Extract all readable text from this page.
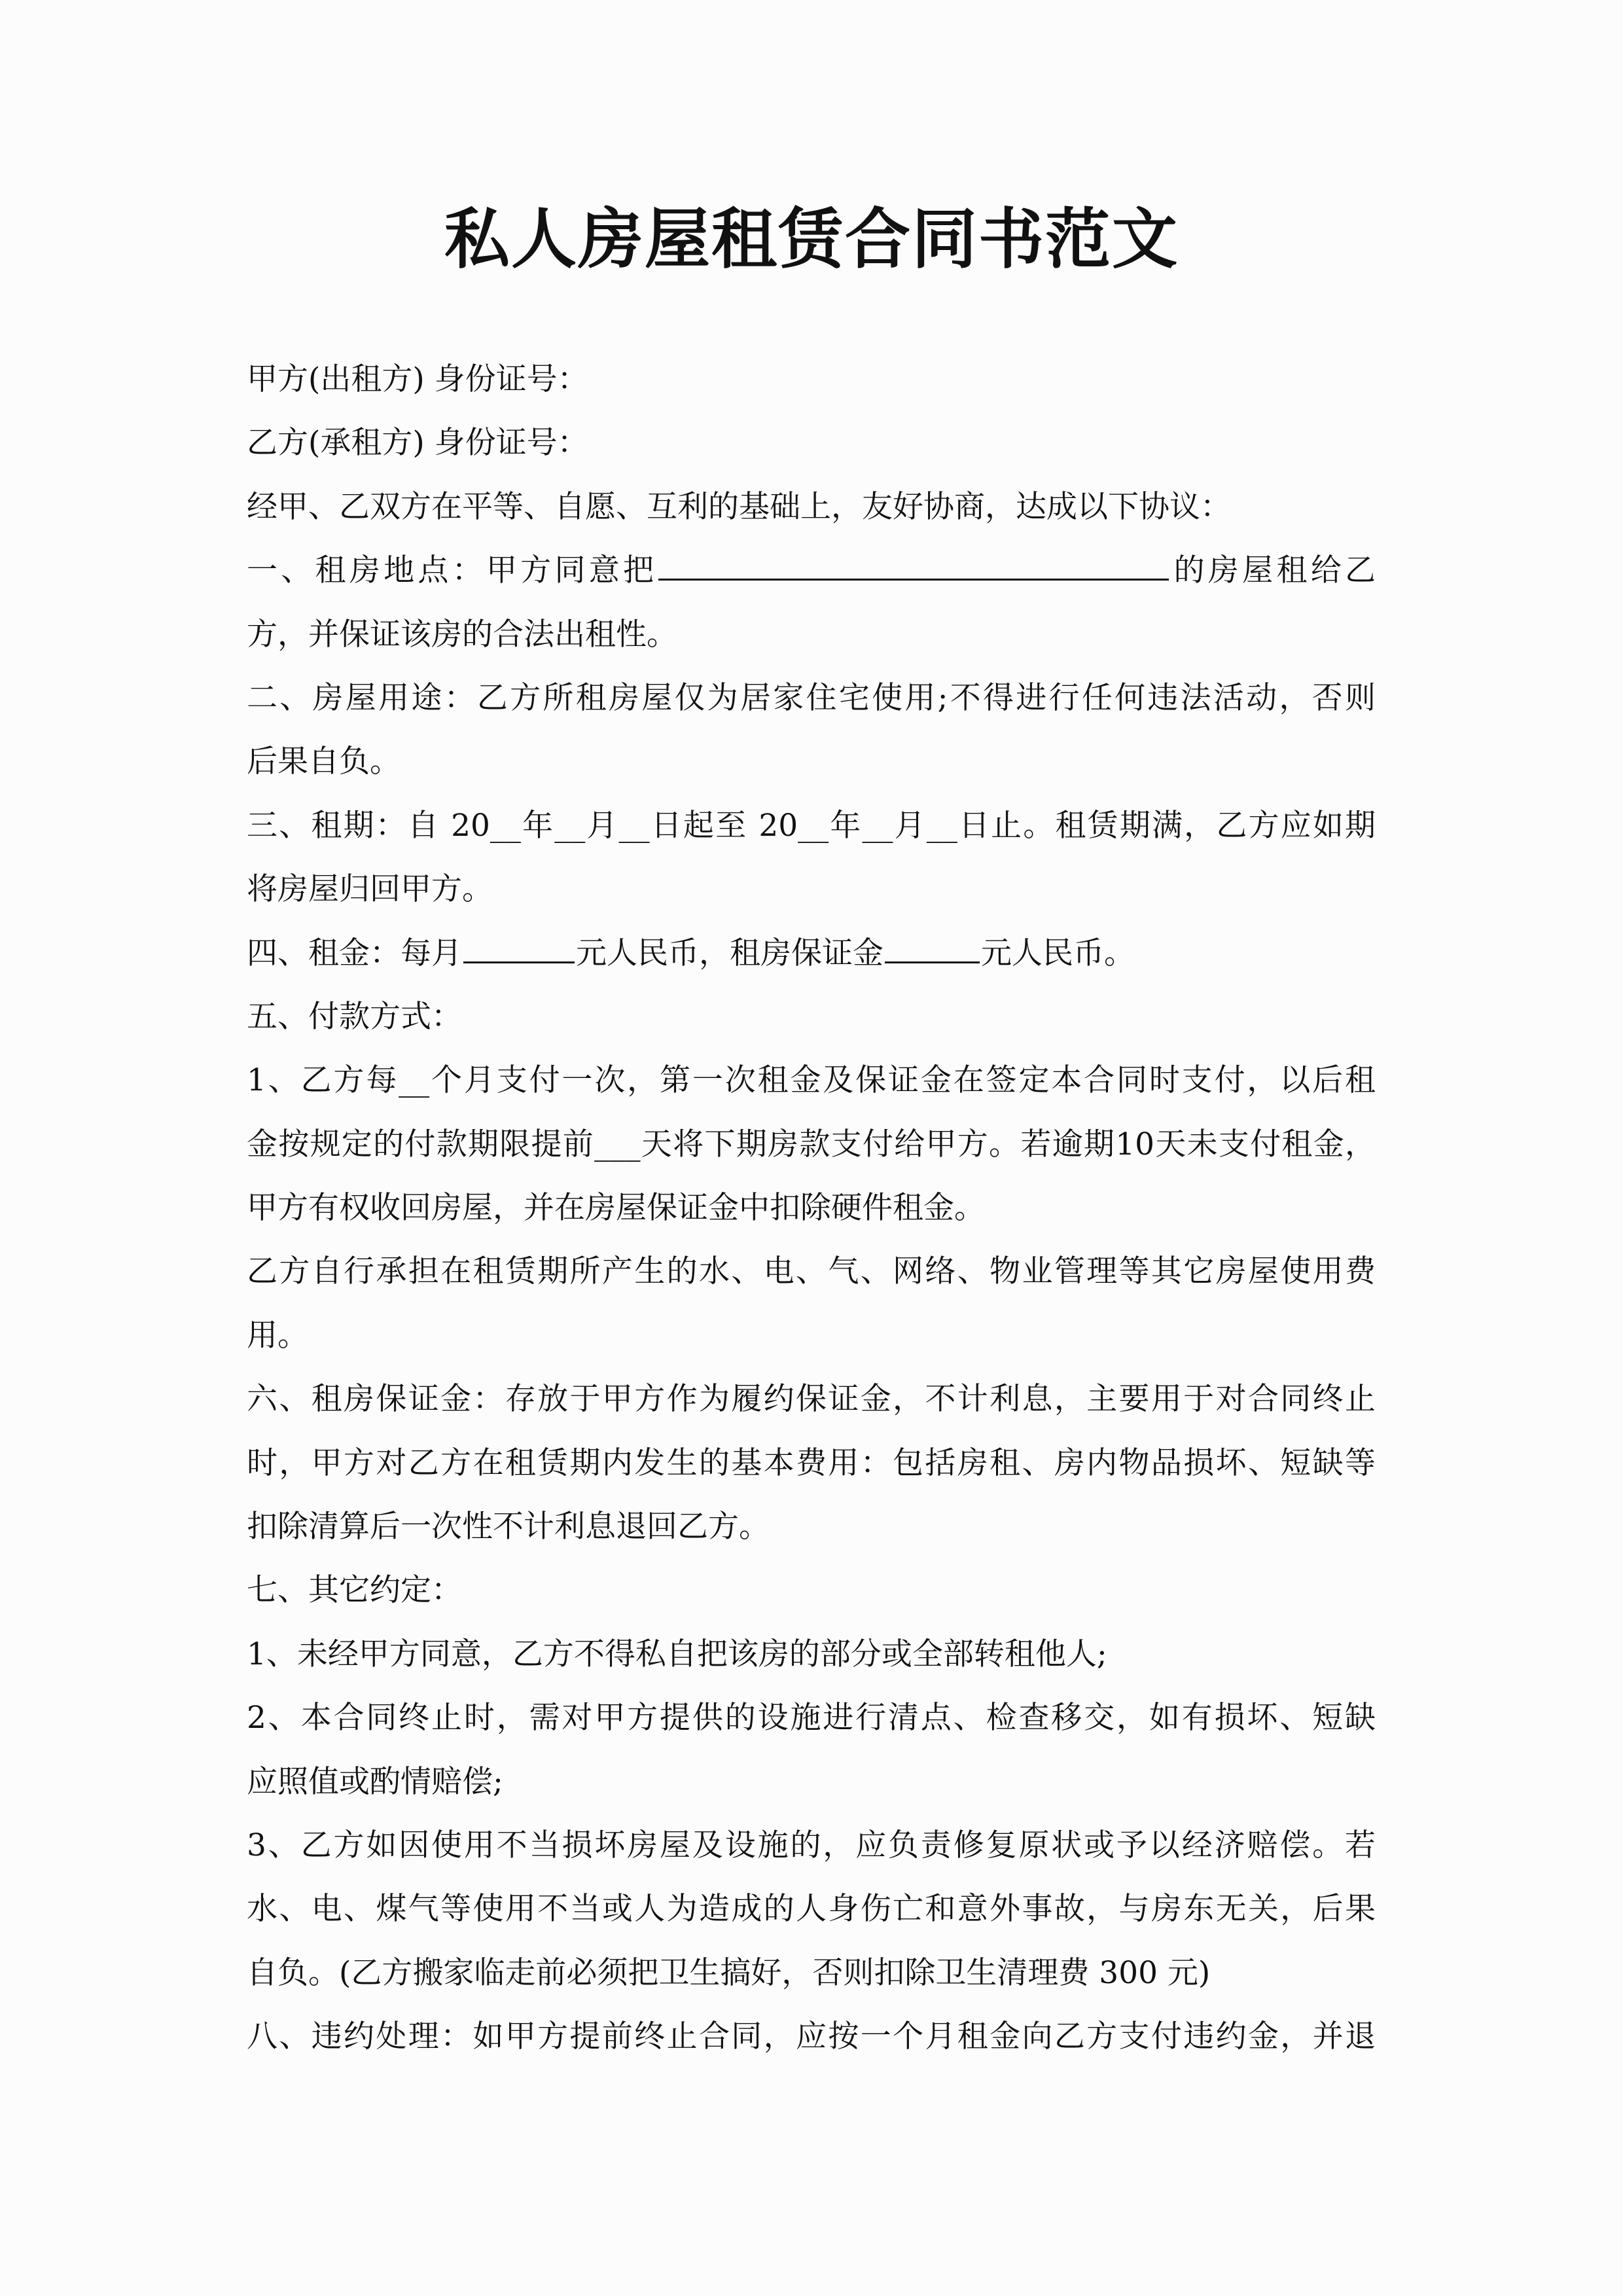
私人房屋租赁合同书范文
甲方(出租方) 身份证号：
乙方(承租方) 身份证号：
经甲、乙双方在平等、自愿、互利的基础上，友好协商，达成以下协议：
一、租房地点：甲方同意把	的房屋租给乙
方，并保证该房的合法出租性。
二、房屋用途：乙方所租房屋仅为居家住宅使用;不得进行任何违法活动，否则
后果自负。
三、租期：自 20__年__月__日起至 20__年__月__日止。租赁期满，乙方应如期
将房屋归回甲方。
四、租金：每月	元人民币，租房保证金	元人民币。
五、付款方式：
1、乙方每__个月支付一次，第一次租金及保证金在签定本合同时支付，以后租
金按规定的付款期限提前___天将下期房款支付给甲方。若逾期10天未支付租金，
甲方有权收回房屋，并在房屋保证金中扣除硬件租金。
乙方自行承担在租赁期所产生的水、电、气、网络、物业管理等其它房屋使用费
用。
六、租房保证金：存放于甲方作为履约保证金，不计利息，主要用于对合同终止
时，甲方对乙方在租赁期内发生的基本费用：包括房租、房内物品损坏、短缺等
扣除清算后一次性不计利息退回乙方。
七、其它约定：
1、未经甲方同意，乙方不得私自把该房的部分或全部转租他人;
2、本合同终止时，需对甲方提供的设施进行清点、检查移交，如有损坏、短缺
应照值或酌情赔偿;
3、乙方如因使用不当损坏房屋及设施的，应负责修复原状或予以经济赔偿。若
水、电、煤气等使用不当或人为造成的人身伤亡和意外事故，与房东无关，后果
自负。(乙方搬家临走前必须把卫生搞好，否则扣除卫生清理费 300 元)
八、违约处理：如甲方提前终止合同，应按一个月租金向乙方支付违约金，并退
